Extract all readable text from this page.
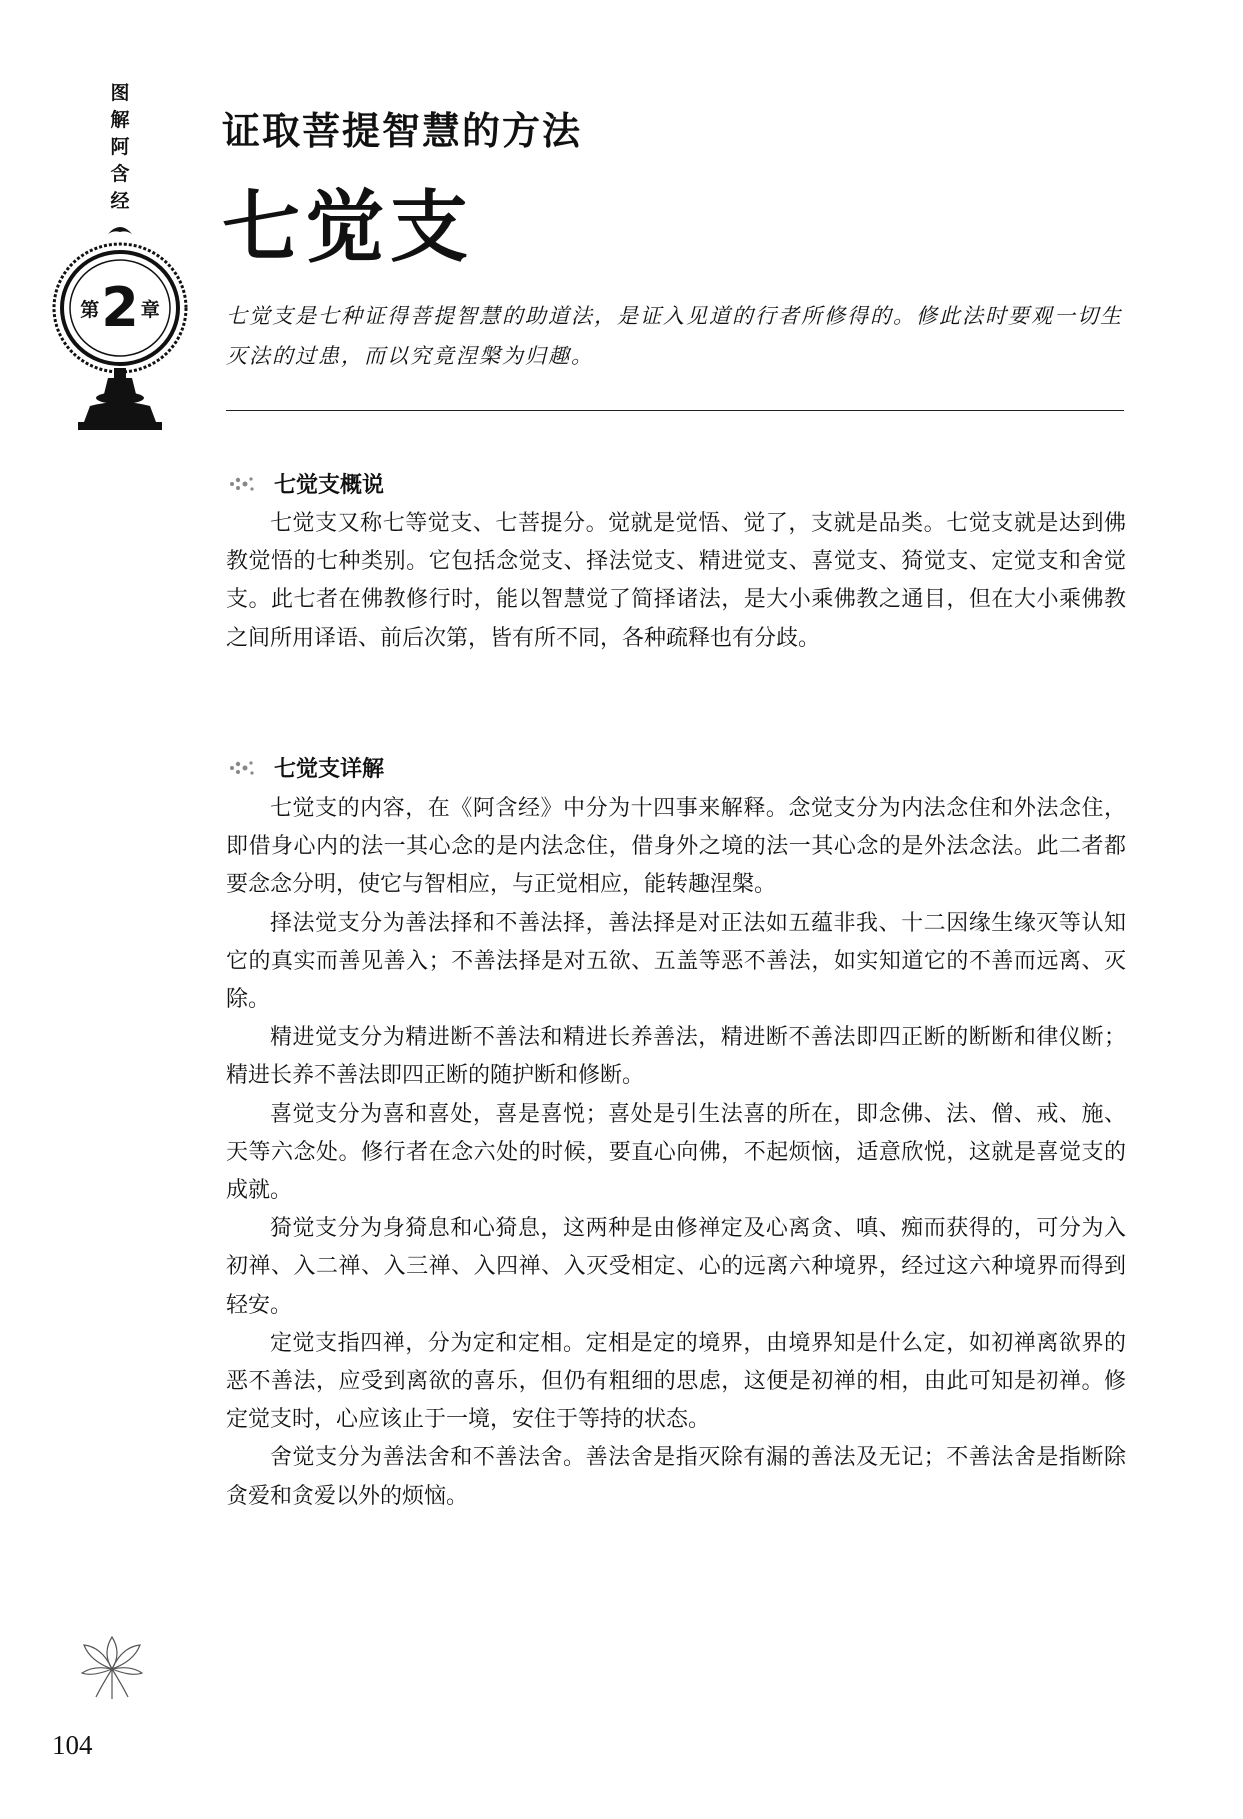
图
解
阿
含
经
第 2 章
证取菩提智慧的方法
七觉支
七觉支是七种证得菩提智慧的助道法，是证入见道的行者所修得的。修此法时要观一切生灭法的过患，而以究竟涅槃为归趣。
七觉支概说

七觉支又称七等觉支、七菩提分。觉就是觉悟、觉了，支就是品类。七觉支就是达到佛教觉悟的七种类别。它包括念觉支、择法觉支、精进觉支、喜觉支、猗觉支、定觉支和舍觉支。此七者在佛教修行时，能以智慧觉了简择诸法，是大小乘佛教之通目，但在大小乘佛教之间所用译语、前后次第，皆有所不同，各种疏释也有分歧。

七觉支详解

七觉支的内容，在《阿含经》中分为十四事来解释。念觉支分为内法念住和外法念住，即借身心内的法一其心念的是内法念住，借身外之境的法一其心念的是外法念法。此二者都要念念分明，使它与智相应，与正觉相应，能转趣涅槃。

择法觉支分为善法择和不善法择，善法择是对正法如五蕴非我、十二因缘生缘灭等认知它的真实而善见善入；不善法择是对五欲、五盖等恶不善法，如实知道它的不善而远离、灭除。

精进觉支分为精进断不善法和精进长养善法，精进断不善法即四正断的断断和律仪断；精进长养不善法即四正断的随护断和修断。

喜觉支分为喜和喜处，喜是喜悦；喜处是引生法喜的所在，即念佛、法、僧、戒、施、天等六念处。修行者在念六处的时候，要直心向佛，不起烦恼，适意欣悦，这就是喜觉支的成就。

猗觉支分为身猗息和心猗息，这两种是由修禅定及心离贪、嗔、痴而获得的，可分为入初禅、入二禅、入三禅、入四禅、入灭受相定、心的远离六种境界，经过这六种境界而得到轻安。

定觉支指四禅，分为定和定相。定相是定的境界，由境界知是什么定，如初禅离欲界的恶不善法，应受到离欲的喜乐，但仍有粗细的思虑，这便是初禅的相，由此可知是初禅。修定觉支时，心应该止于一境，安住于等持的状态。

舍觉支分为善法舍和不善法舍。善法舍是指灭除有漏的善法及无记；不善法舍是指断除贪爱和贪爱以外的烦恼。

104
